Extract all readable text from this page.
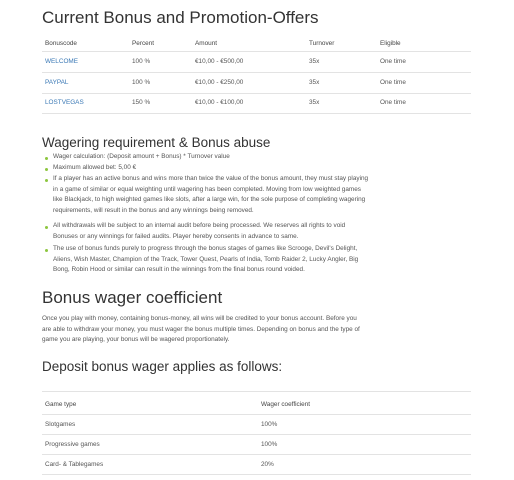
Current Bonus and Promotion-Offers
Bonuscode	Percent	Amount	Turnover	Eligible
WELCOME	100 %	€10,00 - €500,00	35x	One time
PAYPAL	100 %	€10,00 - €250,00	35x	One time
LOSTVEGAS	150 %	€10,00 - €100,00	35x	One time
Wagering requirement & Bonus abuse
Wager calculation: (Deposit amount + Bonus) * Turnover value
Maximum allowed bet: 5,00 €
If a player has an active bonus and wins more than twice the value of the bonus amount, they must stay playing
in a game of similar or equal weighting until wagering has been completed. Moving from low weighted games
like Blackjack, to high weighted games like slots, after a large win, for the sole purpose of completing wagering
requirements, will result in the bonus and any winnings being removed.
All withdrawals will be subject to an internal audit before being processed. We reserves all rights to void
Bonuses or any winnings for failed audits. Player hereby consents in advance to same.
The use of bonus funds purely to progress through the bonus stages of games like Scrooge, Devil's Delight,
Aliens, Wish Master, Champion of the Track, Tower Quest, Pearls of India, Tomb Raider 2, Lucky Angler, Big
Bong, Robin Hood or similar can result in the winnings from the final bonus round voided.
Bonus wager coefficient
Once you play with money, containing bonus-money, all wins will be credited to your bonus account. Before you
are able to withdraw your money, you must wager the bonus multiple times. Depending on bonus and the type of
game you are playing, your bonus will be wagered proportionately.
Deposit bonus wager applies as follows:
Game type	Wager coefficient
Slotgames	100%
Progressive games	100%
Card- & Tablegames	20%
